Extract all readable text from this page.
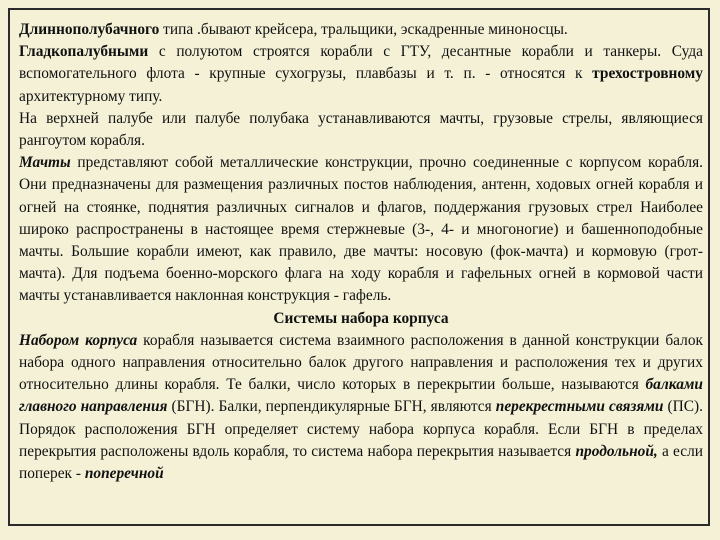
Длиннополубачного типа .бывают крейсера, тральщики, эскадренные миноносцы.

Гладкопалубными с полуютом строятся корабли с ГТУ, десантные корабли и танкеры. Суда вспомогательного флота - крупные сухогрузы, плавбазы и т. п. - относятся к трехостровному архитектурному типу.

На верхней палубе или палубе полубака устанавливаются мачты, грузовые стрелы, являющиеся рангоутом корабля.

Мачты представляют собой металлические конструкции, прочно соединенные с корпусом корабля. Они предназначены для размещения различных постов наблюдения, антенн, ходовых огней корабля и огней на стоянке, поднятия различных сигналов и флагов, поддержания грузовых стрел Наиболее широко распространены в настоящее время стержневые (3-, 4- и многоногие) и башенноподобные мачты. Большие корабли имеют, как правило, две мачты: носовую (фок-мачта) и кормовую (грот-мачта). Для подъема боенно-морского флага на ходу корабля и гафельных огней в кормовой части мачты устанавливается наклонная конструкция - гафель.

Системы набора корпуса

Набором корпуса корабля называется система взаимного расположения в данной конструкции балок набора одного направления относительно балок другого направления и расположения тех и других относительно длины корабля. Те балки, число которых в перекрытии больше, называются балками главного направления (БГН). Балки, перпендикулярные БГН, являются перекрестными связями (ПС). Порядок расположения БГН определяет систему набора корпуса корабля. Если БГН в пределах перекрытия расположены вдоль корабля, то система набора перекрытия называется продольной, а если поперек - поперечной
